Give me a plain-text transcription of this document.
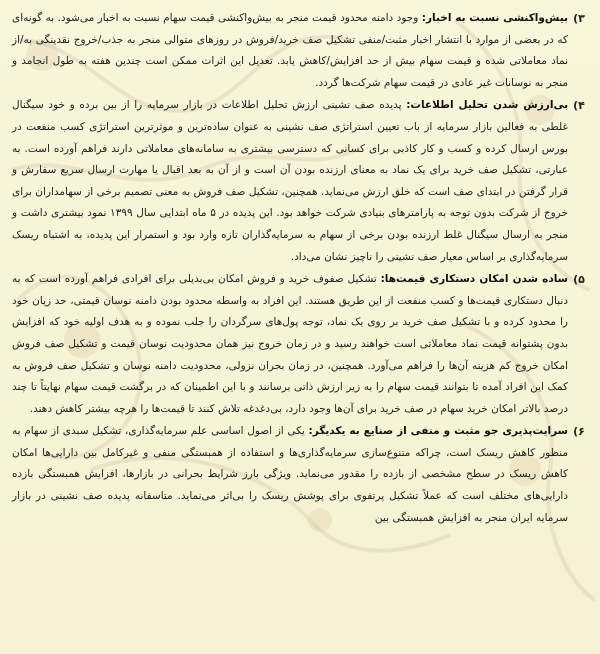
۳)
بیش‌واکنشی نسبت به اخبار: وجود دامنه محدود قیمت منجر به بیش‌واکنشی قیمت سهام نسبت به اخبار می‌شود. به گونه‌ای که در بعضی از موارد با انتشار اخبار مثبت/منفی تشکیل صف خرید/فروش در روزهای متوالی منجر به جذب/خروج نقدینگی به/از نماد معاملاتی شده و قیمت سهام بیش از حد افزایش/کاهش یابد. تعدیل این اثرات ممکن است چندین هفته به طول انجامد و منجر به نوسانات غیر عادی در قیمت سهام شرکت‌ها گردد.
۴)
بی‌ارزش شدن تحلیل اطلاعات: پدیده صف نشینی ارزش تحلیل اطلاعات در بازار سرمایه را از بین برده و خود سیگنال غلطی به فعالین بازار سرمایه از باب تعیین استراتژی صف نشینی به عنوان ساده‌ترین و موثرترین استراتژی کسب منفعت در بورس ارسال کرده و کسب و کار کاذبی برای کسانی که دسترسی بیشتری به سامانه‌های معاملاتی دارند فراهم آورده است. به عبارتی، تشکیل صف خرید برای یک نماد به معنای ارزنده بودن آن است و از آن به بعد اقبال یا مهارت ارسال سریع سفارش و قرار گرفتن در ابتدای صف است که خلق ارزش می‌نماید. همچنین، تشکیل صف فروش به معنی تصمیم برخی از سهامداران برای خروج از شرکت بدون توجه به پارامترهای بنیادی شرکت خواهد بود. این پدیده در ۵ ماه ابتدایی سال ۱۳۹۹ نمود بیشتری داشت و منجر به ارسال سیگنال غلط ارزنده بودن برخی از سهام به سرمایه‌گذاران تازه وارد بود و استمرار این پدیده، به اشتباه ریسک سرمایه‌گذاری بر اساس معیار صف نشینی را ناچیز نشان می‌داد.
۵)
ساده شدن امکان دستکاری قیمت‌ها: تشکیل صفوف خرید و فروش امکان بی‌بدیلی برای افرادی فراهم آورده است که به دنبال دستکاری قیمت‌ها و کسب منفعت از این طریق هستند. این افراد به واسطه محدود بودن دامنه نوسان قیمتی، حد زیان خود را محدود کرده و با تشکیل صف خرید بر روی یک نماد، توجه پول‌های سرگردان را جلب نموده و به هدف اولیه خود که افزایش بدون پشتوانه قیمت نماد معاملاتی است خواهند رسید و در زمان خروج نیز همان محدودیت نوسان قیمت و تشکیل صف فروش امکان خروج کم هزینه آن‌ها را فراهم می‌آورد. همچنین، در زمان بحران نزولی، محدودیت دامنه نوسان و تشکیل صف فروش به کمک این افراد آمده تا بتوانند قیمت سهام را به زیر ارزش ذاتی برسانند و با این اطمینان که در برگشت قیمت سهام نهایتاً تا چند درصد بالاتر امکان خرید سهام در صف خرید برای آن‌ها وجود دارد، بی‌دغدغه تلاش کنند تا قیمت‌ها را هرچه بیشتر کاهش دهند.
۶)
سرایت‌پذیری جو مثبت و منفی از صنایع به یکدیگر: یکی از اصول اساسی علم سرمایه‌گذاری، تشکیل سبدی از سهام به منظور کاهش ریسک است، چراکه متنوع‌سازی سرمایه‌گذاری‌ها و استفاده از همبستگی منفی و غیرکامل بین دارایی‌ها امکان کاهش ریسک در سطح مشخصی از بازده را مقدور می‌نماید. ویژگی بارز شرایط بحرانی در بازارها، افزایش همبستگی بازده دارایی‌های مختلف است که عملاً تشکیل پرتفوی برای پوشش ریسک را بی‌اثر می‌نماید. متاسفانه پدیده صف نشینی در بازار سرمایه ایران منجر به افزایش همبستگی بین
